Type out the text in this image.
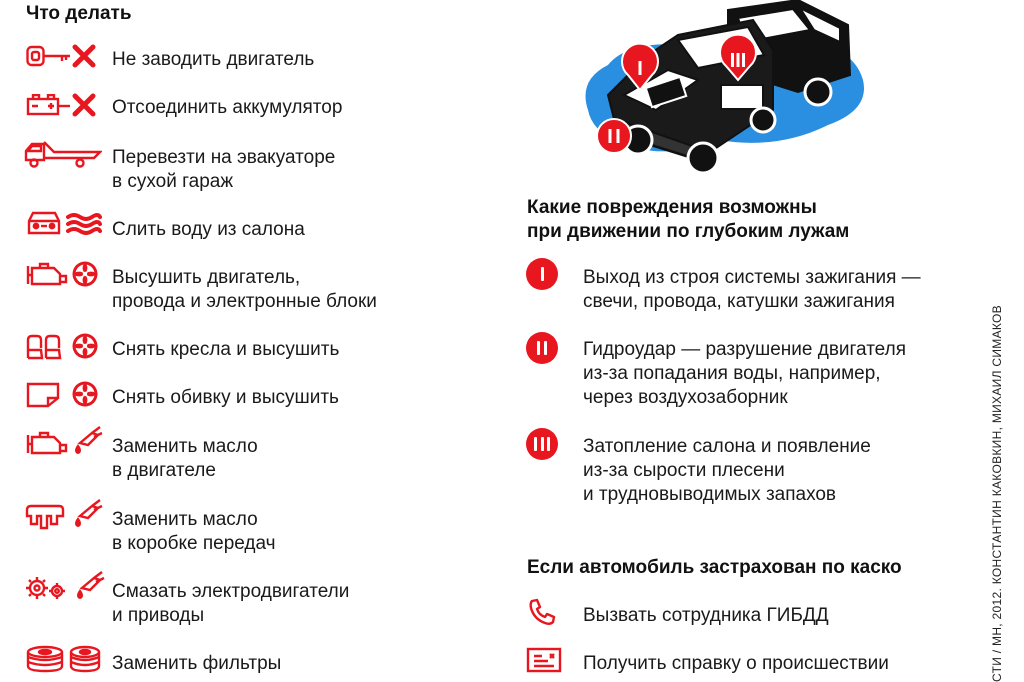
Что делать
Не заводить двигатель
Отсоединить аккумулятор
Перевезти на эвакуаторе
в сухой гараж
Слить воду из салона
Высушить двигатель,
провода и электронные блоки
Снять кресла и высушить
Снять обивку и высушить
Заменить масло
в двигателе
Заменить масло
в коробке передач
Смазать электродвигатели
и приводы
Заменить фильтры
Какие повреждения возможны
при движении по глубоким лужам
Выход из строя системы зажигания —
свечи, провода, катушки зажигания
Гидроудар — разрушение двигателя
из-за попадания воды, например,
через воздухозаборник
Затопление салона и появление
из-за сырости плесени
и трудновыводимых запахов
Если автомобиль застрахован по каско
Вызвать сотрудника ГИБДД
Получить справку о происшествии	СТИ / МН, 2012. КОНСТАНТИН КАКОВКИН, МИХАИЛ СИМАКОВ
